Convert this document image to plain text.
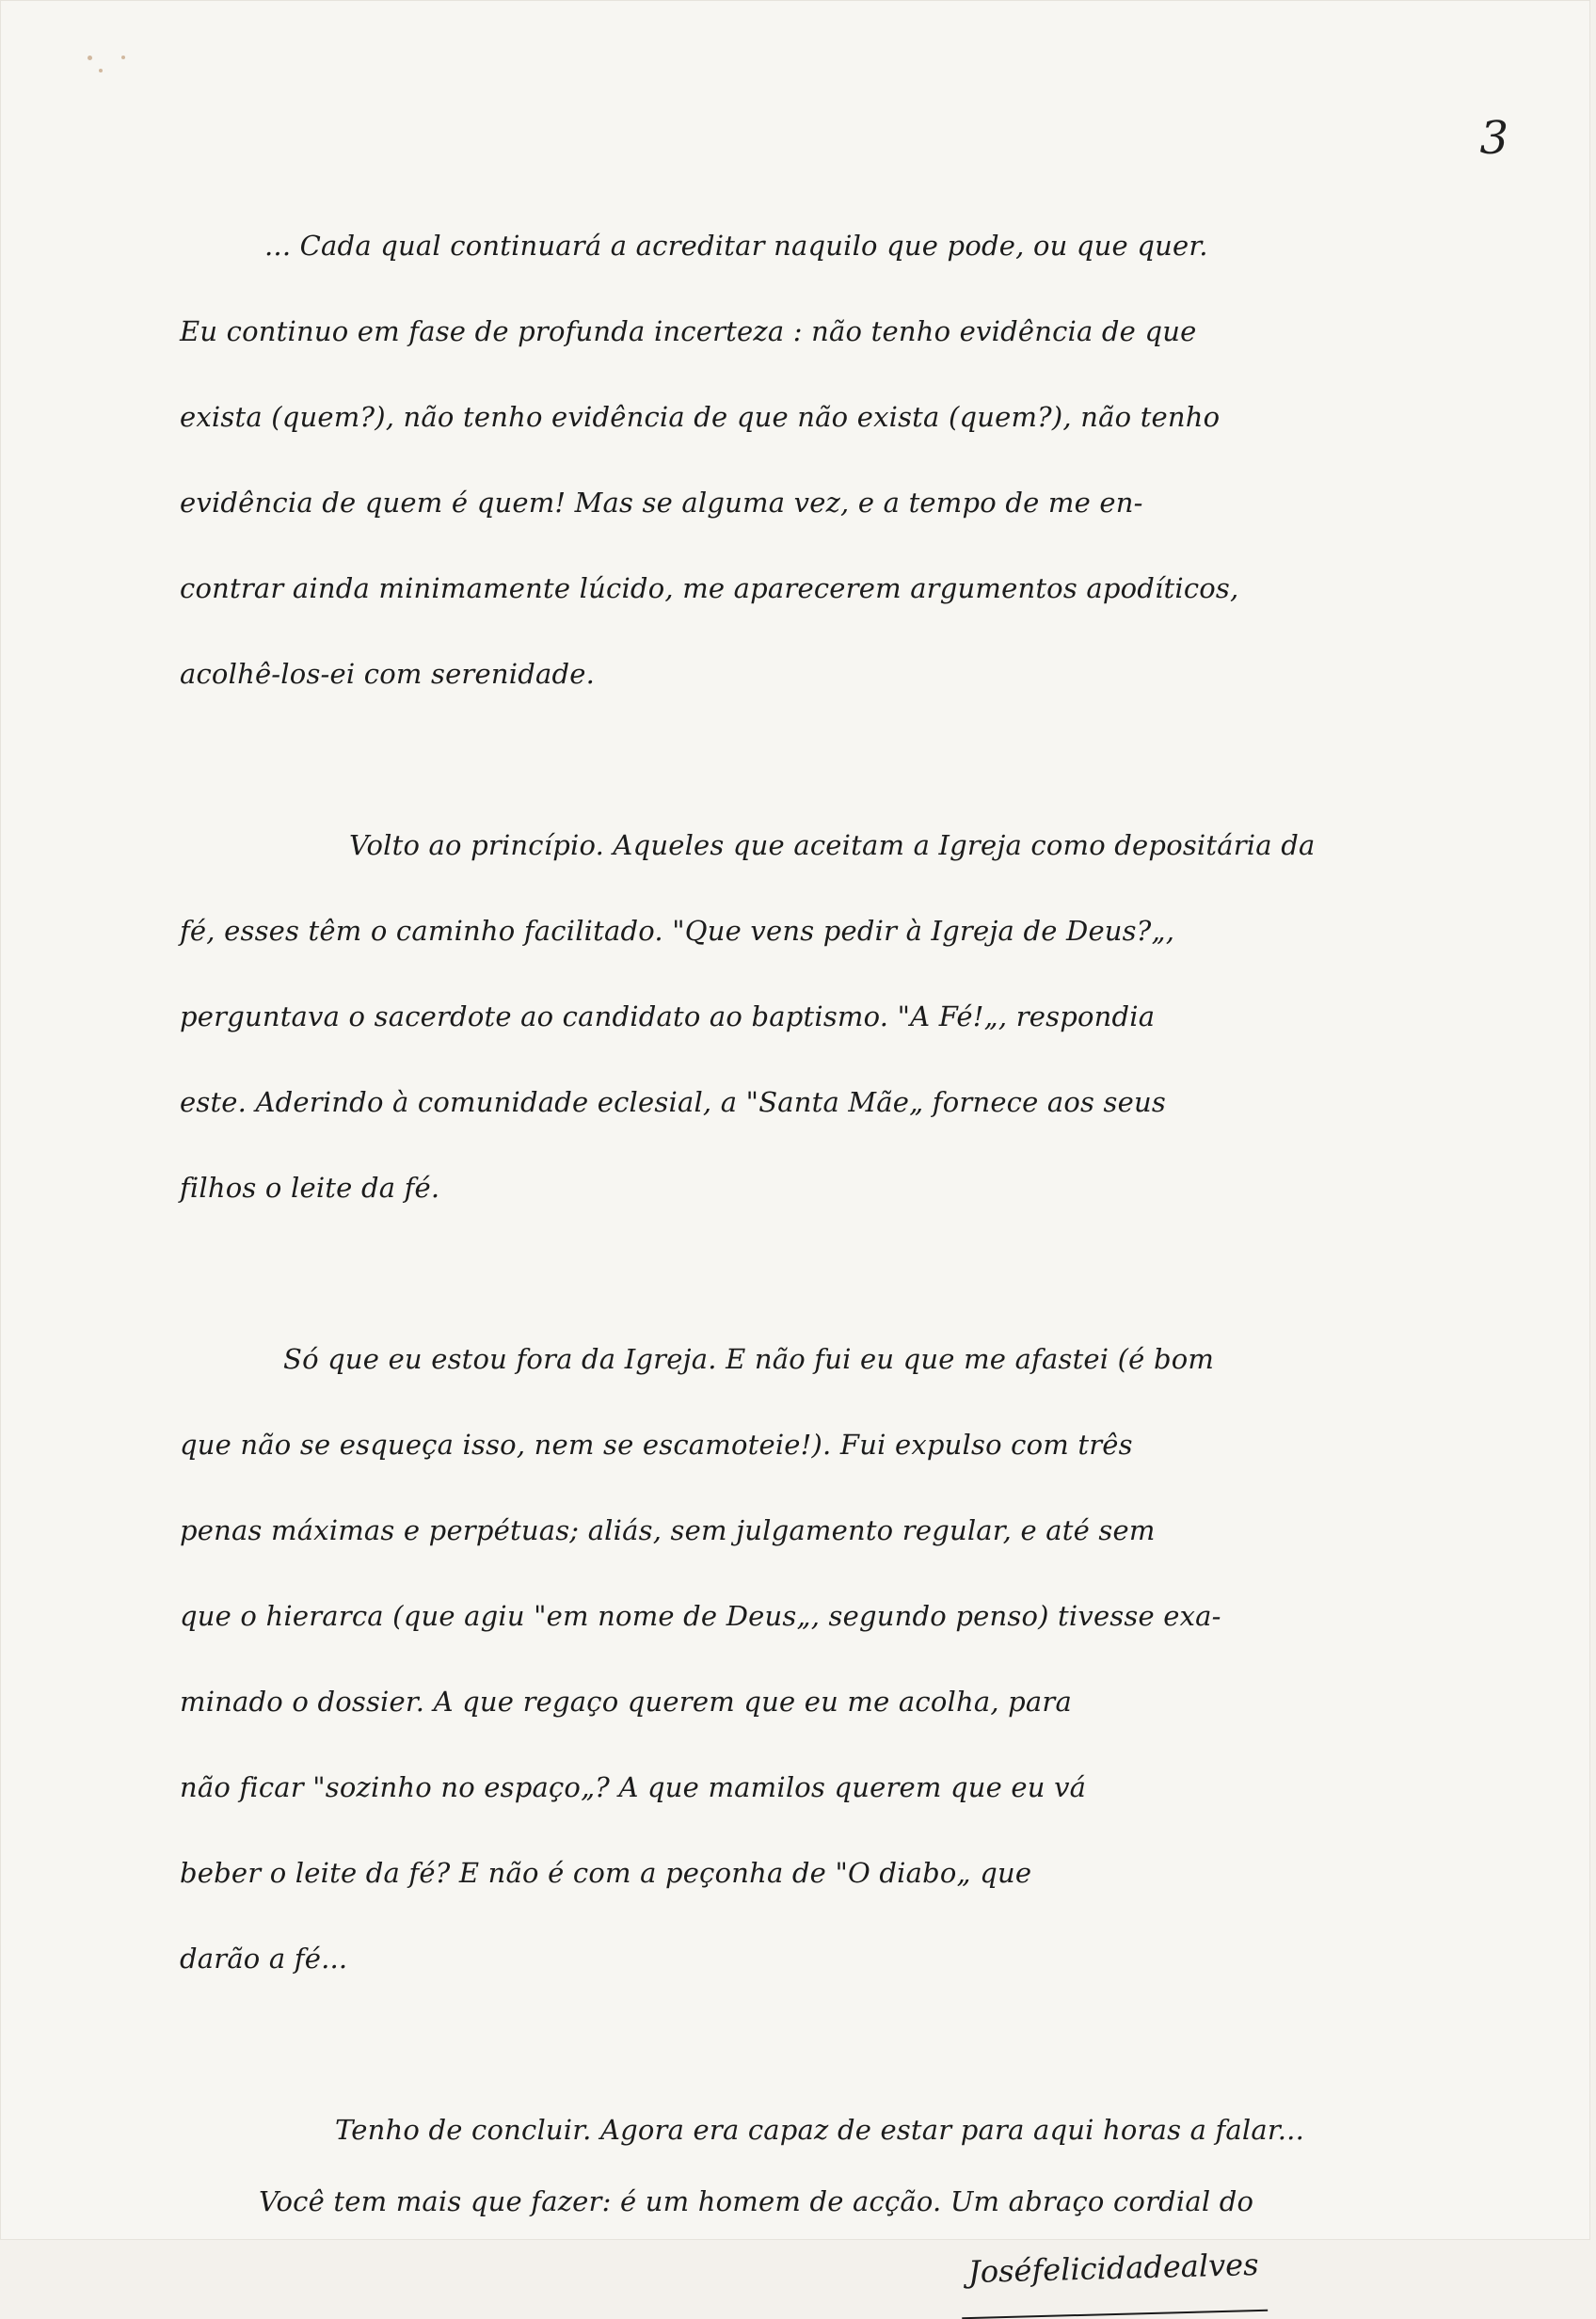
3

... Cada qual continuará a acreditar naquilo que pode, ou que quer.
Eu continuo em fase de profunda incerteza : não tenho evidência de que
exista (quem?), não tenho evidência de que não exista (quem?), não tenho
evidência de quem é quem! Mas se alguma vez, e a tempo de me en-
contrar ainda minimamente lúcido, me aparecerem argumentos apodíticos,
acolhê-los-ei com serenidade.

Volto ao princípio. Aqueles que aceitam a Igreja como depositária da
fé, esses têm o caminho facilitado. "Que vens pedir à Igreja de Deus?„,
perguntava o sacerdote ao candidato ao baptismo. "A Fé!„, respondia
este. Aderindo à comunidade eclesial, a "Santa Mãe„ fornece aos seus
filhos o leite da fé.

Só que eu estou fora da Igreja. E não fui eu que me afastei (é bom
que não se esqueça isso, nem se escamoteie!). Fui expulso com três
penas máximas e perpétuas; aliás, sem julgamento regular, e até sem
que o hierarca (que agiu "em nome de Deus„, segundo penso) tivesse exa-
minado o dossier. A que regaço querem que eu me acolha, para
não ficar "sozinho no espaço„? A que mamilos querem que eu vá
beber o leite da fé? E não é com a peçonha de "O diabo„ que
darão a fé...

Tenho de concluir. Agora era capaz de estar para aqui horas a falar...
Você tem mais que fazer: é um homem de acção. Um abraço cordial do
Joséfelicidadealves
